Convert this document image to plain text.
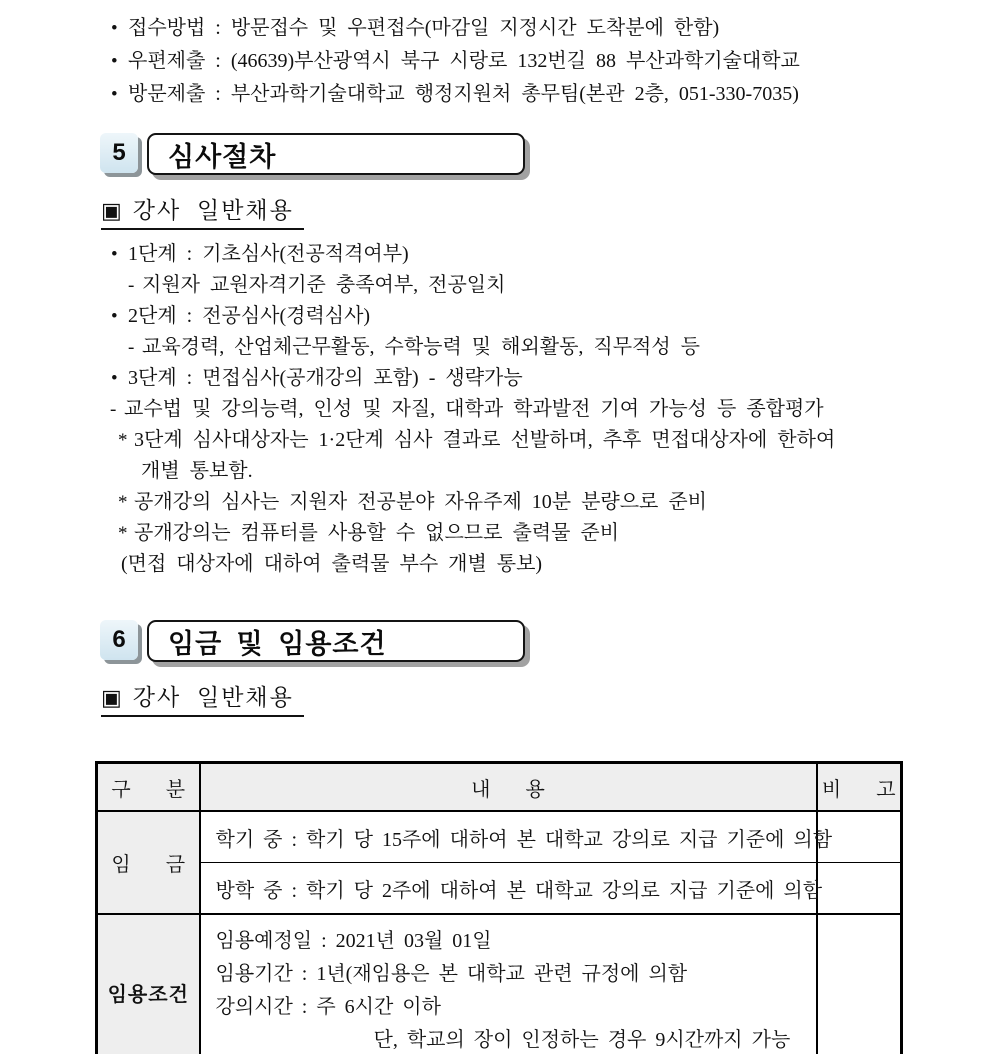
• 접수방법 : 방문접수 및 우편접수(마감일 지정시간 도착분에 한함)
• 우편제출 : (46639)부산광역시 북구 시랑로 132번길 88 부산과학기술대학교
• 방문제출 : 부산과학기술대학교 행정지원처 총무팀(본관 2층, 051-330-7035)
5	심사절차
▣ 강사 일반채용
• 1단계 : 기초심사(전공적격여부)
- 지원자 교원자격기준 충족여부, 전공일치
• 2단계 : 전공심사(경력심사)
- 교육경력, 산업체근무활동, 수학능력 및 해외활동, 직무적성 등
• 3단계 : 면접심사(공개강의 포함) - 생략가능
- 교수법 및 강의능력, 인성 및 자질, 대학과 학과발전 기여 가능성 등 종합평가
* 3단계 심사대상자는 1·2단계 심사 결과로 선발하며, 추후 면접대상자에 한하여
개별 통보함.
* 공개강의 심사는 지원자 전공분야 자유주제 10분 분량으로 준비
* 공개강의는 컴퓨터를 사용할 수 없으므로 출력물 준비
(면접 대상자에 대하여 출력물 부수 개별 통보)
6	임금 및 임용조건
▣ 강사 일반채용
구 분	내 용	비 고
임 금	학기 중 : 학기 당 15주에 대하여 본 대학교 강의로 지급 기준에 의함	
	방학 중 : 학기 당 2주에 대하여 본 대학교 강의로 지급 기준에 의함	
임용조건	임용예정일 : 2021년 03월 01일
임용기간 : 1년(재임용은 본 대학교 관련 규정에 의함
강의시간 : 주 6시간 이하
단, 학교의 장이 인정하는 경우 9시간까지 가능	
